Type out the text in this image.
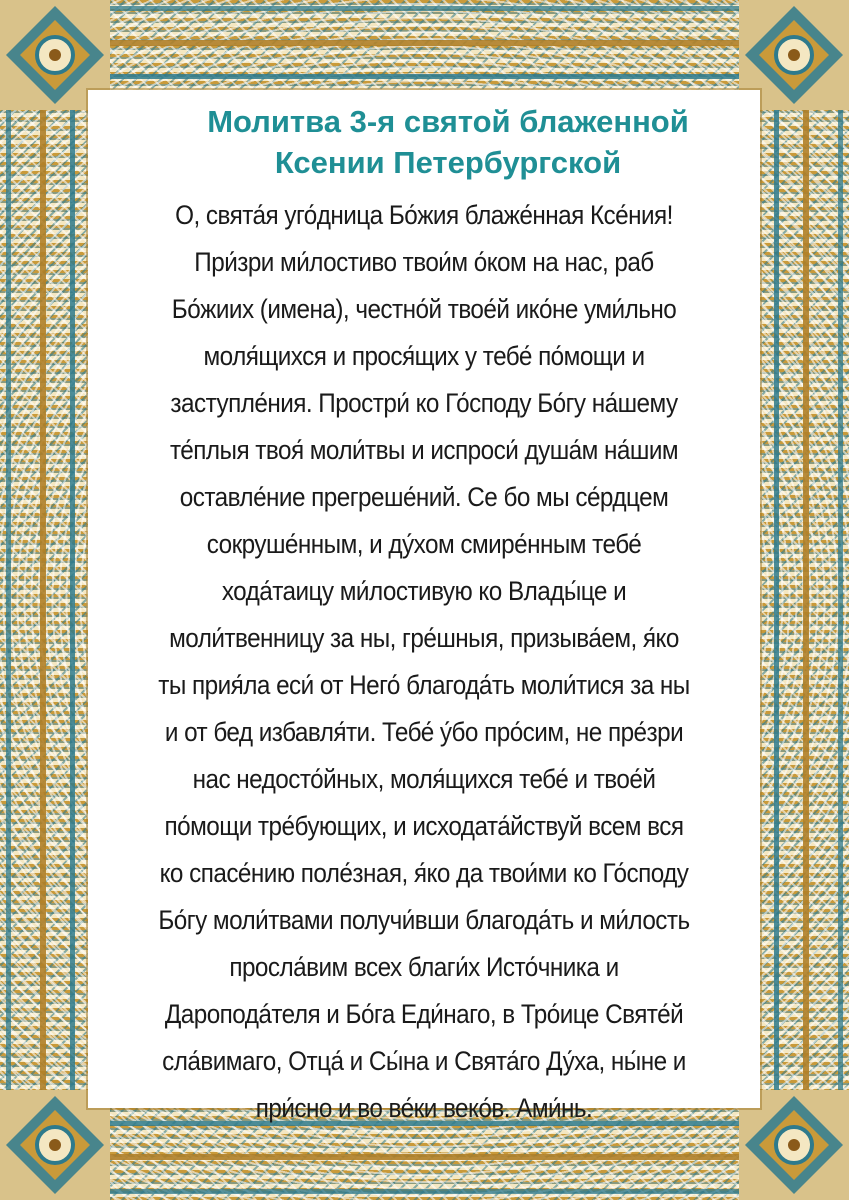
Молитва 3-я святой блаженной
Ксении Петербургской
О, свята́я уго́дница Бо́жия блаже́нная Ксе́ния!
При́зри ми́лостиво твои́м о́ком на нас, раб
Бо́жиих (имена), честно́й твое́й ико́не уми́льно
моля́щихся и прося́щих у тебе́ по́мощи и
заступле́ния. Простри́ ко Го́споду Бо́гу на́шему
те́плыя твоя́ моли́твы и испроси́ душа́м на́шим
оставле́ние прегреше́ний. Се бо мы се́рдцем
сокруше́нным, и ду́хом смире́нным тебе́
хода́таицу ми́лостивую ко Влады́це и
моли́твенницу за ны, гре́шныя, призыва́ем, я́ко
ты прия́ла еси́ от Него́ благода́ть моли́тися за ны
и от бед избавля́ти. Тебе́ у́бо про́сим, не пре́зри
нас недосто́йных, моля́щихся тебе́ и твое́й
по́мощи тре́бующих, и исходата́йствуй всем вся
ко спасе́нию поле́зная, я́ко да твои́ми ко Го́споду
Бо́гу моли́твами получи́вши благода́ть и ми́лость
просла́вим всех благи́х Исто́чника и
Дароподáтеля и Бо́га Еди́наго, в Тро́ице Святе́й
сла́вимаго, Отца́ и Сы́на и Свята́го Ду́ха, ны́не и
при́сно и во ве́ки веко́в. Ами́нь.
